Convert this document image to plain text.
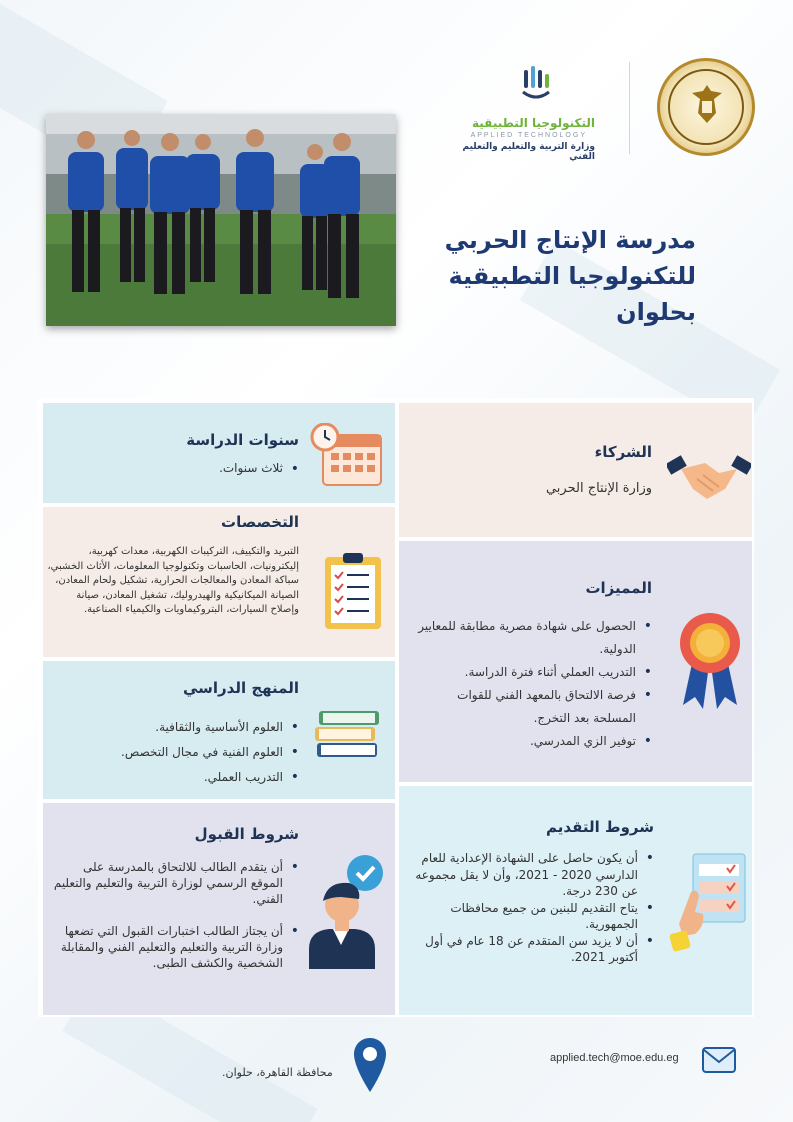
التكنولوجيا التطبيقية
APPLIED TECHNOLOGY
وزارة التربية والتعليم والتعليم الفني
مدرسة الإنتاج الحربي
للتكنولوجيا التطبيقية بحلوان
الشركاء
وزارة الإنتاج الحربي
سنوات الدراسة
• ثلاث سنوات.
التخصصات
التبريد والتكييف، التركيبات الكهربية، معدات كهربية، إليكترونيات، الحاسبات وتكنولوجيا المعلومات، الأثاث الخشبي، سباكة المعادن والمعالجات الحرارية، تشكيل ولحام المعادن، الصيانة الميكانيكية والهيدروليك، تشغيل المعادن، صيانة وإصلاح السيارات، البتروكيماويات والكيمياء الصناعية.
المميزات
• الحصول على شهادة مصرية مطابقة للمعايير الدولية.
• التدريب العملي أثناء فترة الدراسة.
• فرصة الالتحاق بالمعهد الفني للقوات المسلحة بعد التخرج.
• توفير الزي المدرسي.
المنهج الدراسي
• العلوم الأساسية والثقافية.
• العلوم الفنية في مجال التخصص.
• التدريب العملي.
شروط القبول
• أن يتقدم الطالب للالتحاق بالمدرسة على الموقع الرسمي لوزارة التربية والتعليم والتعليم الفني.
• أن يجتاز الطالب اختبارات القبول التي تضعها وزارة التربية والتعليم والتعليم الفني والمقابلة الشخصية والكشف الطبى.
شروط التقديم
• أن يكون حاصل على الشهادة الإعدادية للعام الدارسي 2020 - 2021، وأن لا يقل مجموعه عن 230 درجة.
• يتاح التقديم للبنين من جميع محافظات الجمهورية.
• أن لا يزيد سن المتقدم عن 18 عام في أول أكتوبر 2021.
applied.tech@moe.edu.eg
محافظة القاهرة، حلوان.
